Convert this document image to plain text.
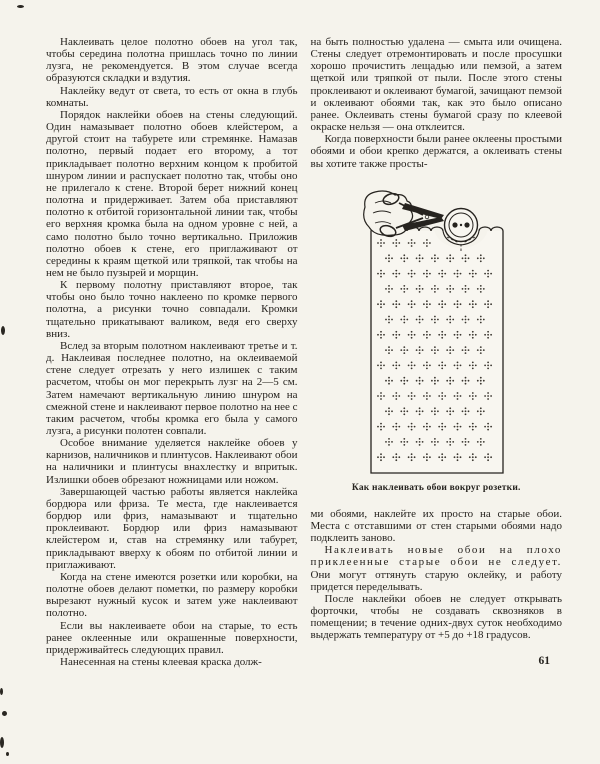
Наклеивать целое полотно обоев на угол так, чтобы середина полотна пришлась точно по линии лузга, не рекомендуется. В этом случае всегда образуются складки и вздутия.

Наклейку ведут от света, то есть от окна в глубь комнаты.

Порядок наклейки обоев на стены следующий. Один намазывает полотно обоев клейстером, а другой стоит на табурете или стремянке. Намазав полотно, первый подает его второму, а тот прикладывает полотно верхним концом к пробитой шнуром линии и распускает полотно так, чтобы оно не прилегало к стене. Второй берет нижний конец полотна и придерживает. Затем оба приставляют полотно к отбитой горизонтальной линии так, чтобы его верхняя кромка была на одном уровне с ней, а само полотно было точно вертикально. Приложив полотно обоев к стене, его приглаживают от середины к краям щеткой или тряпкой, так чтобы на нем не было пузырей и морщин.

К первому полотну приставляют второе, так чтобы оно было точно наклеено по кромке первого полотна, а рисунки точно совпадали. Кромки тщательно прикатывают валиком, ведя его сверху вниз.

Вслед за вторым полотном наклеивают третье и т. д. Наклеивая последнее полотно, на оклеиваемой стене следует отрезать у него излишек с таким расчетом, чтобы он мог перекрыть лузг на 2—5 см. Затем намечают вертикальную линию шнуром на смежной стене и наклеивают первое полотно на нее с таким расчетом, чтобы кромка его была у самого лузга, а рисунки полотен совпали.

Особое внимание уделяется наклейке обоев у карнизов, наличников и плинтусов. Наклеивают обои на наличники и плинтусы внахлестку и впритык. Излишки обоев обрезают ножницами или ножом.

Завершающей частью работы является наклейка бордюра или фриза. Те места, где наклеивается бордюр или фриз, намазывают и тщательно проклеивают. Бордюр или фриз намазывают клейстером и, став на стремянку или табурет, прикладывают вверху к обоям по отбитой линии и приглаживают.

Когда на стене имеются розетки или коробки, на полотне обоев делают пометки, по размеру коробки вырезают нужный кусок и затем уже наклеивают полотно.

Если вы наклеиваете обои на старые, то есть ранее оклеенные или окрашенные поверхности, придерживайтесь следующих правил.

Нанесенная на стены клеевая краска долж-

на быть полностью удалена — смыта или очищена. Стены следует отремонтировать и после просушки хорошо прочистить лещадью или пемзой, а затем щеткой или тряпкой от пыли. После этого стены проклеивают и оклеивают бумагой, зачищают пемзой и оклеивают обоями так, как это было описано ранее. Оклеивать стены бумагой сразу по клеевой окраске нельзя — она отклеится.

Когда поверхности были ранее оклеены простыми обоями и обои крепко держатся, а оклеивать стены вы хотите также просты-

Как наклеивать обои вокруг розетки.

ми обоями, наклейте их просто на старые обои. Места с отставшими от стен старыми обоями надо подклеить заново.

Наклеивать новые обои на плохо приклеенные старые обои не следует. Они могут оттянуть старую оклейку, и работу придется переделывать.

После наклейки обоев не следует открывать форточки, чтобы не создавать сквозняков в помещении; в течение одних-двух суток необходимо выдержать температуру от +5 до +18 градусов.

61
